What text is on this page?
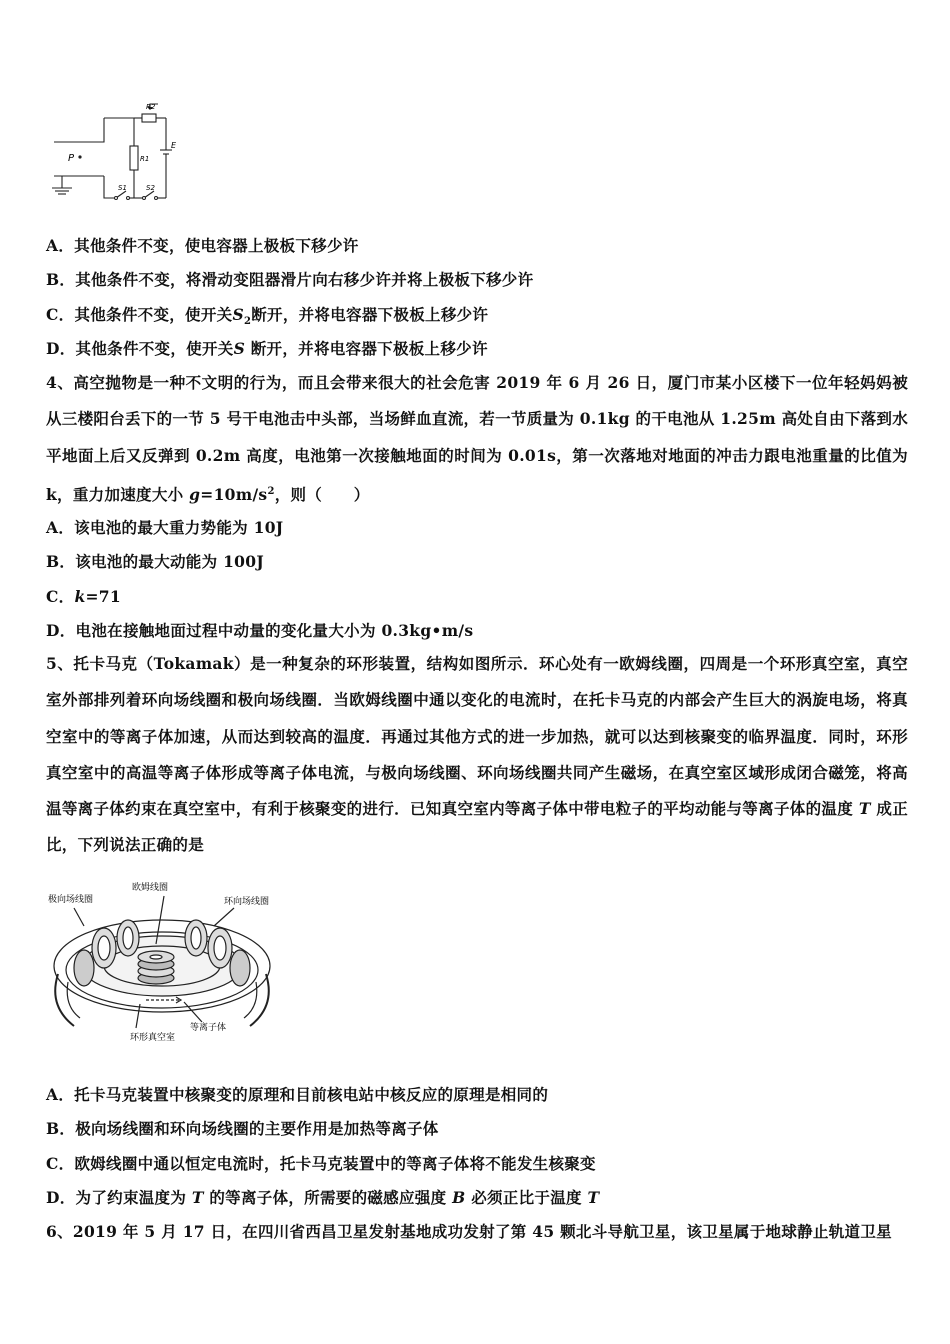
P	R1
R2
E
S1	S2
A．其他条件不变，使电容器上极板下移少许
B．其他条件不变，将滑动变阻器滑片向右移少许并将上极板下移少许
C．其他条件不变，使开关$S_2$断开，并将电容器下极板上移少许
D．其他条件不变，使开关S 断开，并将电容器下极板上移少许
4、高空抛物是一种不文明的行为，而且会带来很大的社会危害 2019 年 6 月 26 日，厦门市某小区楼下一位年轻妈妈被从三楼阳台丢下的一节 5 号干电池击中头部，当场鲜血直流，若一节质量为 0.1kg 的干电池从 1.25m 高处自由下落到水平地面上后又反弹到 0.2m 高度，电池第一次接触地面的时间为 0.01s，第一次落地对地面的冲击力跟电池重量的比值为 k，重力加速度大小 $g=10m/s^2$，则（　　）
A．该电池的最大重力势能为 10J
B．该电池的最大动能为 100J
C．k=71
D．电池在接触地面过程中动量的变化量大小为 0.3kg•m/s
5、托卡马克（Tokamak）是一种复杂的环形装置，结构如图所示．环心处有一欧姆线圈，四周是一个环形真空室，真空室外部排列着环向场线圈和极向场线圈．当欧姆线圈中通以变化的电流时，在托卡马克的内部会产生巨大的涡旋电场，将真空室中的等离子体加速，从而达到较高的温度．再通过其他方式的进一步加热，就可以达到核聚变的临界温度．同时，环形真空室中的高温等离子体形成等离子体电流，与极向场线圈、环向场线圈共同产生磁场，在真空室区域形成闭合磁笼，将高温等离子体约束在真空室中，有利于核聚变的进行．已知真空室内等离子体中带电粒子的平均动能与等离子体的温度 T 成正比，下列说法正确的是
极向场线圈
欧姆线圈
环向场线圈
等离子体
环形真空室
A．托卡马克装置中核聚变的原理和目前核电站中核反应的原理是相同的
B．极向场线圈和环向场线圈的主要作用是加热等离子体
C．欧姆线圈中通以恒定电流时，托卡马克装置中的等离子体将不能发生核聚变
D．为了约束温度为 T 的等离子体，所需要的磁感应强度 B 必须正比于温度 T
6、2019 年 5 月 17 日，在四川省西昌卫星发射基地成功发射了第 45 颗北斗导航卫星，该卫星属于地球静止轨道卫星
